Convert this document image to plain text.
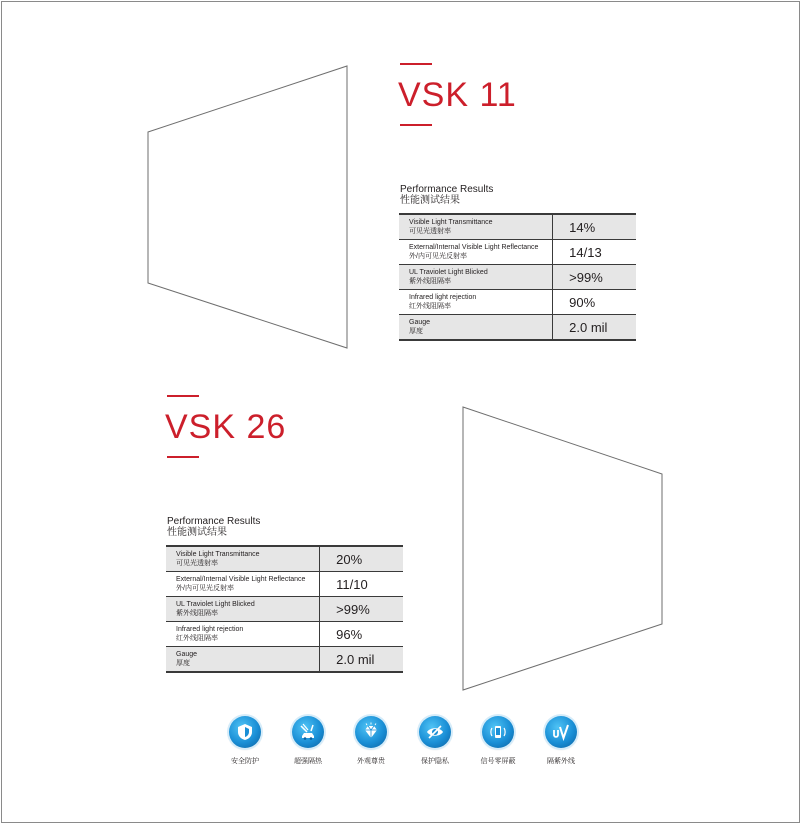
VSK 11
Performance Results
性能测试结果
Visible Light Transmittance
可见光透射率	14%

External/Internal Visible Light Reflectance
外/内可见光反射率	14/13

UL Traviolet Light Blicked
紫外线阻隔率	>99%

Infrared light rejection
红外线阻隔率	90%

Gauge
厚度	2.0 mil
VSK 26
Performance Results
性能测试结果
Visible Light Transmittance
可见光透射率	20%

External/Internal Visible Light Reflectance
外/内可见光反射率	11/10

UL Traviolet Light Blicked
紫外线阻隔率	>99%

Infrared light rejection
红外线阻隔率	96%

Gauge
厚度	2.0 mil
安全防护	超强隔热	外观尊贵	保护隐私	信号零屏蔽	隔紫外线
